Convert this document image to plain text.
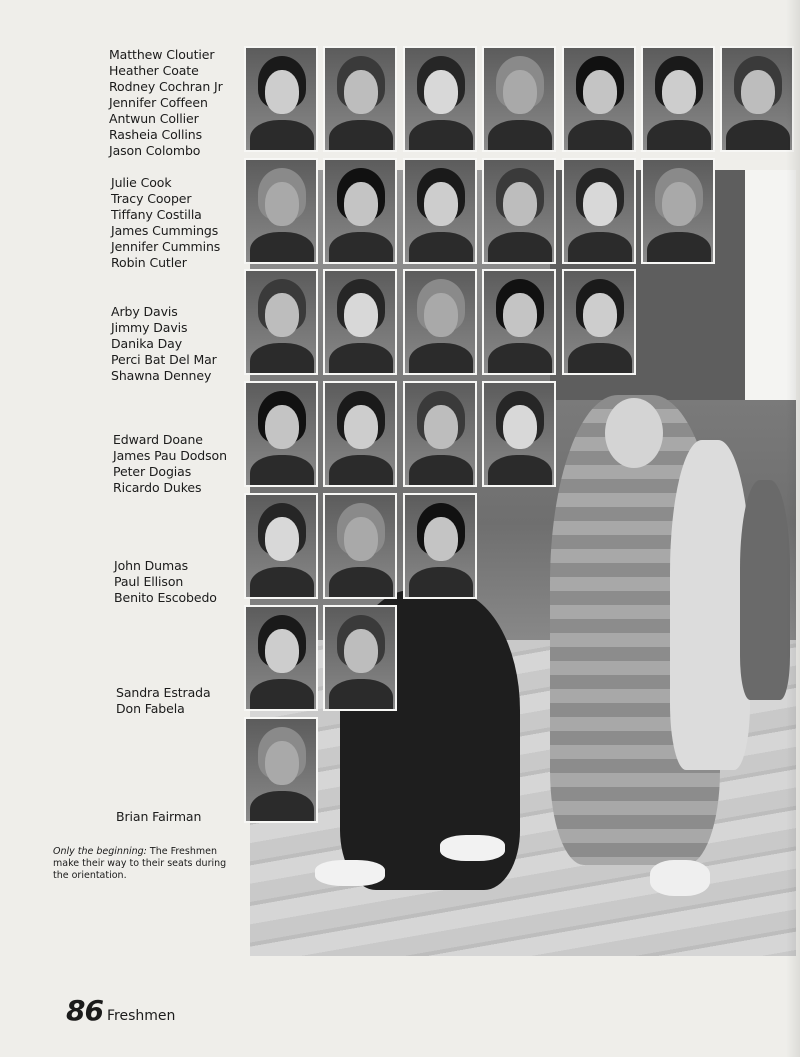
Matthew Cloutier
Heather Coate
Rodney Cochran Jr
Jennifer Coffeen
Antwun Collier
Rasheia Collins
Jason Colombo
Julie Cook
Tracy Cooper
Tiffany Costilla
James Cummings
Jennifer Cummins
Robin Cutler
Arby Davis
Jimmy Davis
Danika Day
Perci Bat Del Mar
Shawna Denney
Edward Doane
James Pau Dodson
Peter Dogias
Ricardo Dukes
John Dumas
Paul Ellison
Benito Escobedo
Sandra Estrada
Don Fabela
Brian Fairman
Only the beginning: The Freshmen make their way to their seats during the orientation.
86 Freshmen
